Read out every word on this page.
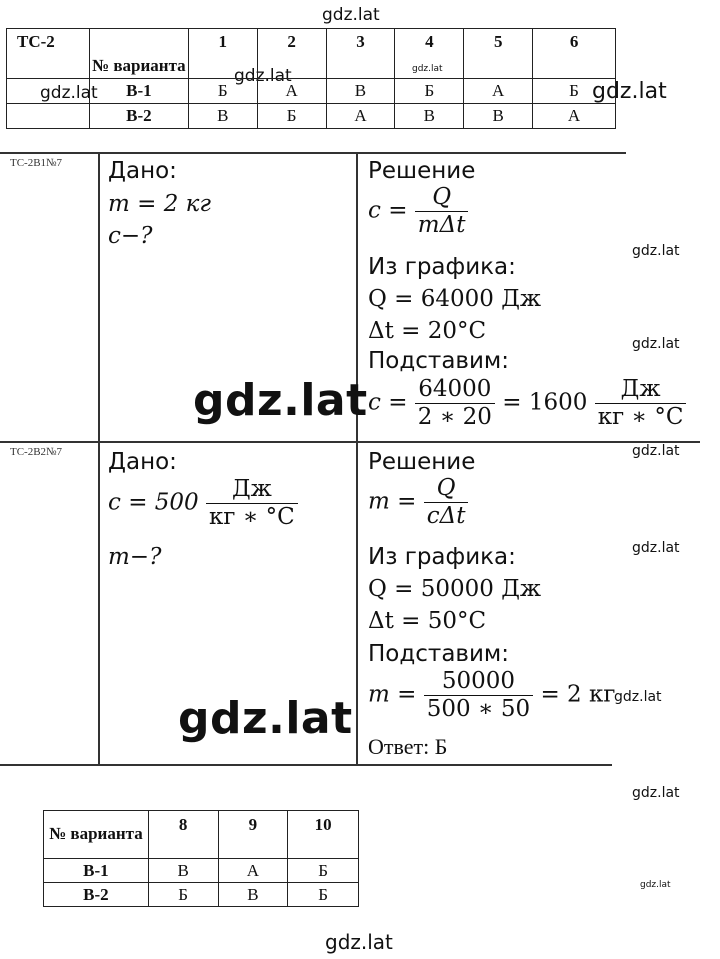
gdz.lat
gdz.lat	gdz.lat
gdz.lat	gdz.lat
gdz.lat
gdz.lat
gdz.lat
gdz.lat
gdz.lat
gdz.lat
gdz.lat
gdz.lat
ТС-2	№ варианта	1	2	3	4	5	6
	В-1	Б	А	В	Б	А	Б
	В-2	В	Б	А	В	В	А
ТС-2В1№7 Дано:
m = 2 кг
c−?
Решение
$c = \frac{Q}{\text{mΔt}}$
Из графика:
Q = 64000 Дж
Δt = 20°C
Подставим:
$c = \frac{64000}{2 ∗ 20} = 1600 \frac{Дж}{кг ∗ ^\circ C}$
ТС-2В2№7 Дано:
$c = 500 \frac{Дж}{кг ∗ ^\circ C}$
m−?
Решение
$m = \frac{Q}{\text{cΔt}}$
Из графика:
Q = 50000 Дж
Δt = 50°C
Подставим:
$m = \frac{50000}{500 ∗ 50} = 2$ кг
Ответ: Б
gdz.lat
gdz.lat
№ варианта	8	9	10
В-1	В	А	Б
В-2	Б	В	Б
